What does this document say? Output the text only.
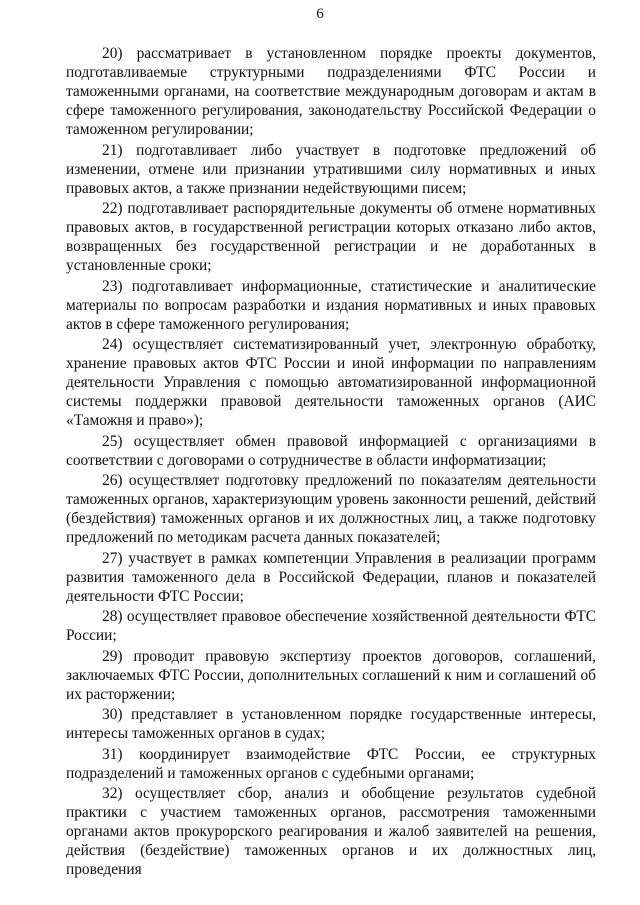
6

20) рассматривает в установленном порядке проекты документов, подготавливаемые структурными подразделениями ФТС России и таможенными органами, на соответствие международным договорам и актам в сфере таможенного регулирования, законодательству Российской Федерации о таможенном регулировании;

21) подготавливает либо участвует в подготовке предложений об изменении, отмене или признании утратившими силу нормативных и иных правовых актов, а также признании недействующими писем;

22) подготавливает распорядительные документы об отмене нормативных правовых актов, в государственной регистрации которых отказано либо актов, возвращенных без государственной регистрации и не доработанных в установленные сроки;

23) подготавливает информационные, статистические и аналитические материалы по вопросам разработки и издания нормативных и иных правовых актов в сфере таможенного регулирования;

24) осуществляет систематизированный учет, электронную обработку, хранение правовых актов ФТС России и иной информации по направлениям деятельности Управления с помощью автоматизированной информационной системы поддержки правовой деятельности таможенных органов (АИС «Таможня и право»);

25) осуществляет обмен правовой информацией с организациями в соответствии с договорами о сотрудничестве в области информатизации;

26) осуществляет подготовку предложений по показателям деятельности таможенных органов, характеризующим уровень законности решений, действий (бездействия) таможенных органов и их должностных лиц, а также подготовку предложений по методикам расчета данных показателей;

27) участвует в рамках компетенции Управления в реализации программ развития таможенного дела в Российской Федерации, планов и показателей деятельности ФТС России;

28) осуществляет правовое обеспечение хозяйственной деятельности ФТС России;

29) проводит правовую экспертизу проектов договоров, соглашений, заключаемых ФТС России, дополнительных соглашений к ним и соглашений об их расторжении;

30) представляет в установленном порядке государственные интересы, интересы таможенных органов в судах;

31) координирует взаимодействие ФТС России, ее структурных подразделений и таможенных органов с судебными органами;

32) осуществляет сбор, анализ и обобщение результатов судебной практики с участием таможенных органов, рассмотрения таможенными органами актов прокурорского реагирования и жалоб заявителей на решения, действия (бездействие) таможенных органов и их должностных лиц, проведения
